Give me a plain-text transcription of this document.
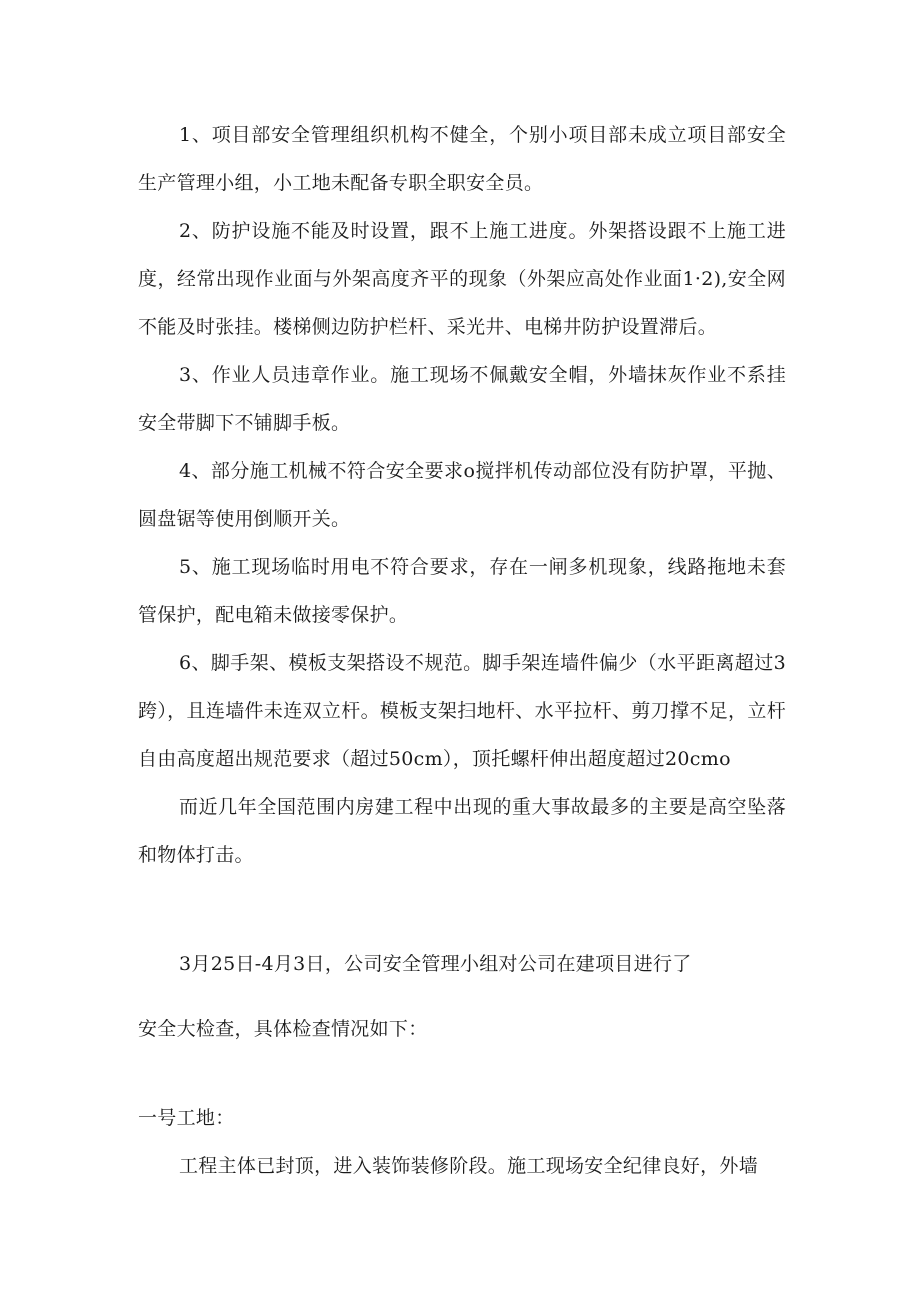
1、项目部安全管理组织机构不健全，个别小项目部未成立项目部安全生产管理小组，小工地未配备专职全职安全员。

2、防护设施不能及时设置，跟不上施工进度。外架搭设跟不上施工进度，经常出现作业面与外架高度齐平的现象（外架应高处作业面1·2),安全网不能及时张挂。楼梯侧边防护栏杆、采光井、电梯井防护设置滞后。

3、作业人员违章作业。施工现场不佩戴安全帽，外墙抹灰作业不系挂安全带脚下不铺脚手板。

4、部分施工机械不符合安全要求o搅拌机传动部位没有防护罩，平抛、圆盘锯等使用倒顺开关。

5、施工现场临时用电不符合要求，存在一闸多机现象，线路拖地未套管保护，配电箱未做接零保护。

6、脚手架、模板支架搭设不规范。脚手架连墙件偏少（水平距离超过3跨），且连墙件未连双立杆。模板支架扫地杆、水平拉杆、剪刀撑不足，立杆自由高度超出规范要求（超过50cm），顶托螺杆伸出超度超过20cmo

而近几年全国范围内房建工程中出现的重大事故最多的主要是高空坠落和物体打击。

3月25日-4月3日，公司安全管理小组对公司在建项目进行了

安全大检查，具体检查情况如下：

一号工地：

工程主体已封顶，进入装饰装修阶段。施工现场安全纪律良好，外墙
